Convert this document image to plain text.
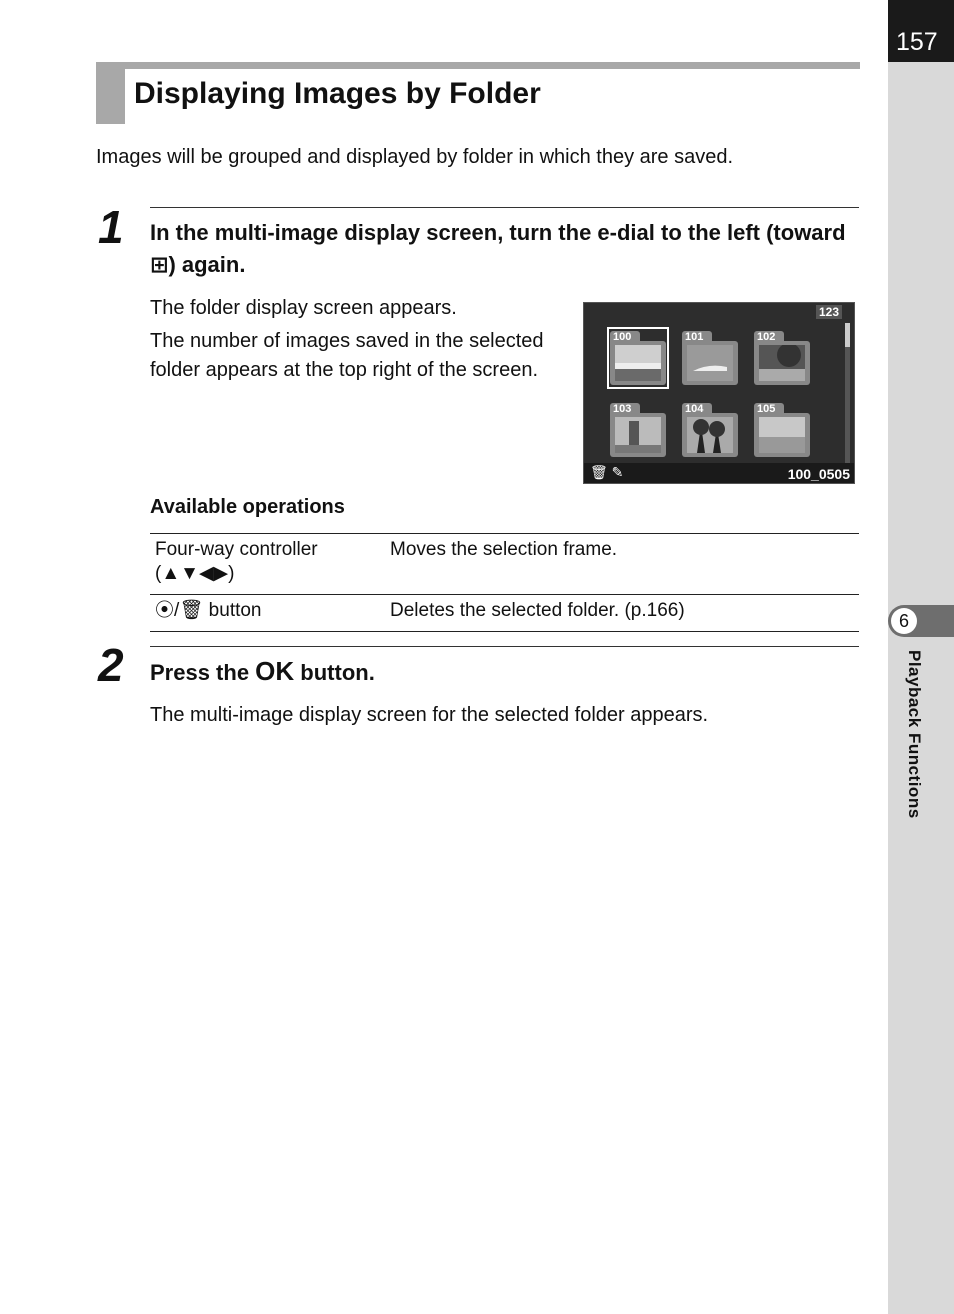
157
6
Playback Functions
Displaying Images by Folder

Images will be grouped and displayed by folder in which they are saved.

1 In the multi-image display screen, turn the e-dial to the left (toward ⊞) again.

The folder display screen appears.

The number of images saved in the selected folder appears at the top right of the screen.

123
100	101	102
103	104	105
🗑 ✎	100_0505

Available operations

Four-way controller
(▲▼◀▶)	Moves the selection frame.
⦿/🗑 button	Deletes the selected folder. (p.166)
2 Press the OK button.

The multi-image display screen for the selected folder appears.
